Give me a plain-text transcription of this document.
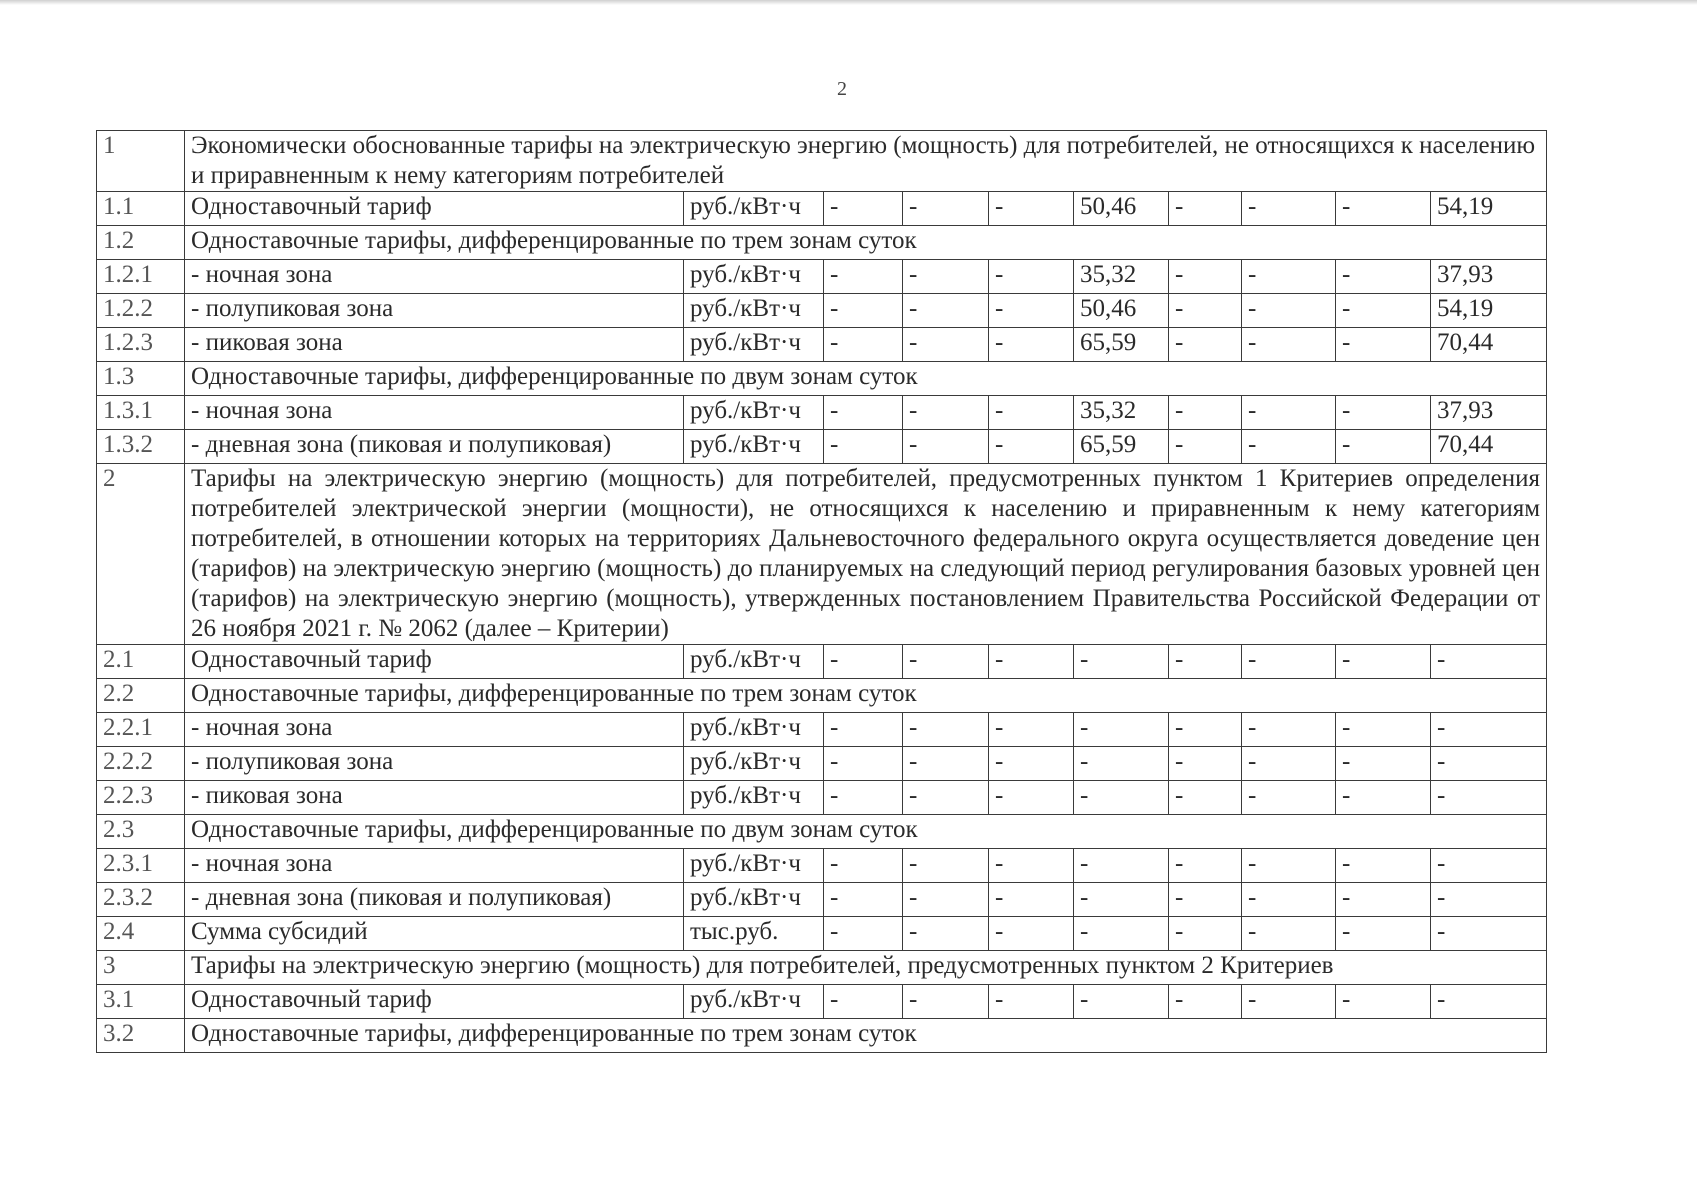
2
1	Экономически обоснованные тарифы на электрическую энергию (мощность) для потребителей, не относящихся к населению и приравненным к нему категориям потребителей									
1.1	Одноставочный тариф	руб./кВт·ч	-	-	-	50,46	-	-	-	54,19
1.2	Одноставочные тарифы, дифференцированные по трем зонам суток									
1.2.1	- ночная зона	руб./кВт·ч	-	-	-	35,32	-	-	-	37,93
1.2.2	- полупиковая зона	руб./кВт·ч	-	-	-	50,46	-	-	-	54,19
1.2.3	- пиковая зона	руб./кВт·ч	-	-	-	65,59	-	-	-	70,44
1.3	Одноставочные тарифы, дифференцированные по двум зонам суток									
1.3.1	- ночная зона	руб./кВт·ч	-	-	-	35,32	-	-	-	37,93
1.3.2	- дневная зона (пиковая и полупиковая)	руб./кВт·ч	-	-	-	65,59	-	-	-	70,44
2	Тарифы на электрическую энергию (мощность) для потребителей, предусмотренных пунктом 1 Критериев определения потребителей электрической энергии (мощности), не относящихся к населению и приравненным к нему категориям потребителей, в отношении которых на территориях Дальневосточного федерального округа осуществляется доведение цен (тарифов) на электрическую энергию (мощность) до планируемых на следующий период регулирования базовых уровней цен (тарифов) на электрическую энергию (мощность), утвержденных постановлением Правительства Российской Федерации от 26 ноября 2021 г. № 2062 (далее – Критерии)									
2.1	Одноставочный тариф	руб./кВт·ч	-	-	-	-	-	-	-	-
2.2	Одноставочные тарифы, дифференцированные по трем зонам суток									
2.2.1	- ночная зона	руб./кВт·ч	-	-	-	-	-	-	-	-
2.2.2	- полупиковая зона	руб./кВт·ч	-	-	-	-	-	-	-	-
2.2.3	- пиковая зона	руб./кВт·ч	-	-	-	-	-	-	-	-
2.3	Одноставочные тарифы, дифференцированные по двум зонам суток									
2.3.1	- ночная зона	руб./кВт·ч	-	-	-	-	-	-	-	-
2.3.2	- дневная зона (пиковая и полупиковая)	руб./кВт·ч	-	-	-	-	-	-	-	-
2.4	Сумма субсидий	тыс.руб.	-	-	-	-	-	-	-	-
3	Тарифы на электрическую энергию (мощность) для потребителей, предусмотренных пунктом 2 Критериев									
3.1	Одноставочный тариф	руб./кВт·ч	-	-	-	-	-	-	-	-
3.2	Одноставочные тарифы, дифференцированные по трем зонам суток									
